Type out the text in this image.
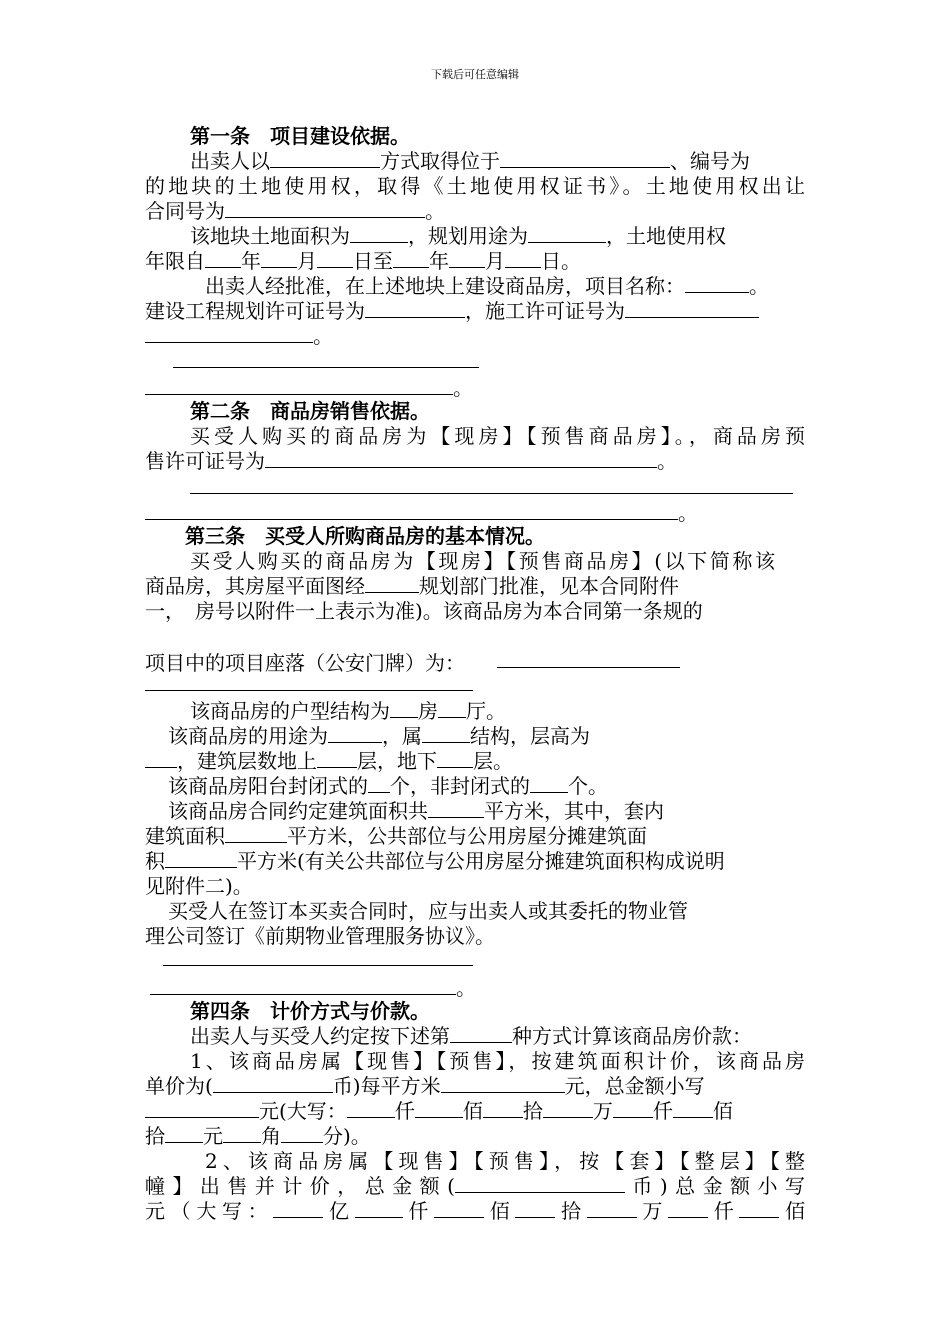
下载后可任意编辑
第一条　项目建设依据。
出卖人以	方式取得位于	、编号为
的地块的土地使用权，取得《土地使用权证书》。土地使用权出让
合同号为	。
该地块土地面积为	，规划用途为	，土地使用权
年限自 年 月 日至 年 月 日。
出卖人经批准，在上述地块上建设商品房，项目名称：	。
建设工程规划许可证号为	，施工许可证号为
。
。
第二条　商品房销售依据。
买受人购买的商品房为【现房】【预售商品房】。，商品房预
售许可证号为	。
。
第三条　买受人所购商品房的基本情况。
买受人购买的商品房为【现房】【预售商品房】(以下简称该
商品房，其房屋平面图经	规划部门批准，见本合同附件
一，　房号以附件一上表示为准)。该商品房为本合同第一条规的
项目中的项目座落（公安门牌）为：
该商品房的户型结构为 房 厅。
该商品房的用途为	，属 结构，层高为
，建筑层数地上 层，地下 层。
该商品房阳台封闭式的 个，非封闭式的 个。
该商品房合同约定建筑面积共	平方米，其中，套内
建筑面积	平方米，公共部位与公用房屋分摊建筑面
积	平方米(有关公共部位与公用房屋分摊建筑面积构成说明
见附件二)。
买受人在签订本买卖合同时，应与出卖人或其委托的物业管
理公司签订《前期物业管理服务协议》。
。
第四条　计价方式与价款。
出卖人与买受人约定按下述第	种方式计算该商品房价款：
1、该商品房属【现售】【预售】，按建筑面积计价，该商品房
单价为(	币)每平方米	元，总金额小写
元(大写： 仟 佰 拾	万 仟 佰
拾 元 角 分)。
2、该商品房属【现售】【预售】，按【套】【整层】【整
幢】出售并计价，总金额(	币)总金额小写
元（大写：	亿 仟	佰 拾	万 仟 佰
